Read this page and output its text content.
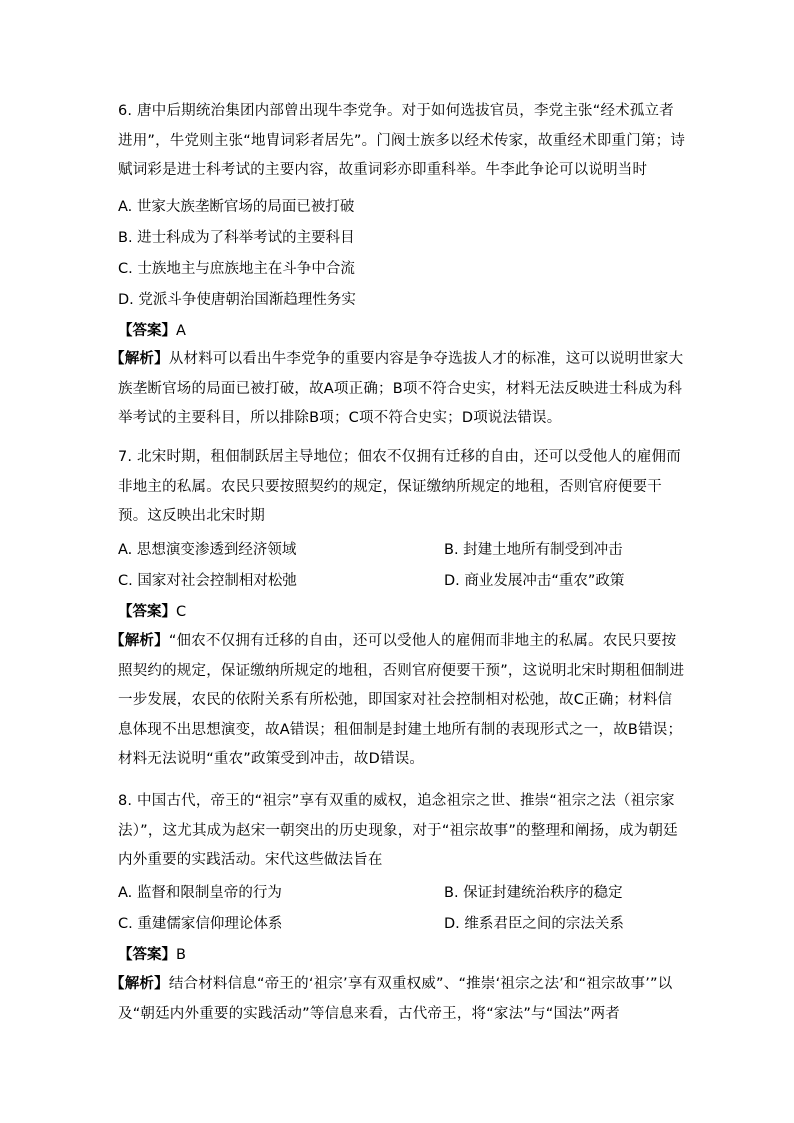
6. 唐中后期统治集团内部曾出现牛李党争。对于如何选拔官员，李党主张“经术孤立者进用”，牛党则主张“地胄词彩者居先”。门阀士族多以经术传家，故重经术即重门第；诗赋词彩是进士科考试的主要内容，故重词彩亦即重科举。牛李此争论可以说明当时
A. 世家大族垄断官场的局面已被打破
B. 进士科成为了科举考试的主要科目
C. 士族地主与庶族地主在斗争中合流
D. 党派斗争使唐朝治国渐趋理性务实
【答案】A
【解析】从材料可以看出牛李党争的重要内容是争夺选拔人才的标准，这可以说明世家大族垄断官场的局面已被打破，故A项正确；B项不符合史实，材料无法反映进士科成为科举考试的主要科目，所以排除B项；C项不符合史实；D项说法错误。
7. 北宋时期，租佃制跃居主导地位；佃农不仅拥有迁移的自由，还可以受他人的雇佣而非地主的私属。农民只要按照契约的规定，保证缴纳所规定的地租，否则官府便要干预。这反映出北宋时期
A. 思想演变渗透到经济领域	B. 封建土地所有制受到冲击
C. 国家对社会控制相对松弛	D. 商业发展冲击“重农”政策
【答案】C
【解析】“佃农不仅拥有迁移的自由，还可以受他人的雇佣而非地主的私属。农民只要按照契约的规定，保证缴纳所规定的地租，否则官府便要干预”，这说明北宋时期租佃制进一步发展，农民的依附关系有所松弛，即国家对社会控制相对松弛，故C正确；材料信息体现不出思想演变，故A错误；租佃制是封建土地所有制的表现形式之一，故B错误；材料无法说明“重农”政策受到冲击，故D错误。
8. 中国古代，帝王的“祖宗”享有双重的威权，追念祖宗之世、推崇“祖宗之法（祖宗家法）”，这尤其成为赵宋一朝突出的历史现象，对于“祖宗故事”的整理和阐扬，成为朝廷内外重要的实践活动。宋代这些做法旨在
A. 监督和限制皇帝的行为	B. 保证封建统治秩序的稳定
C. 重建儒家信仰理论体系	D. 维系君臣之间的宗法关系
【答案】B
【解析】结合材料信息“帝王的‘祖宗’享有双重权威”、“推崇‘祖宗之法’和“祖宗故事’”以及“朝廷内外重要的实践活动”等信息来看，古代帝王，将“家法”与“国法”两者
